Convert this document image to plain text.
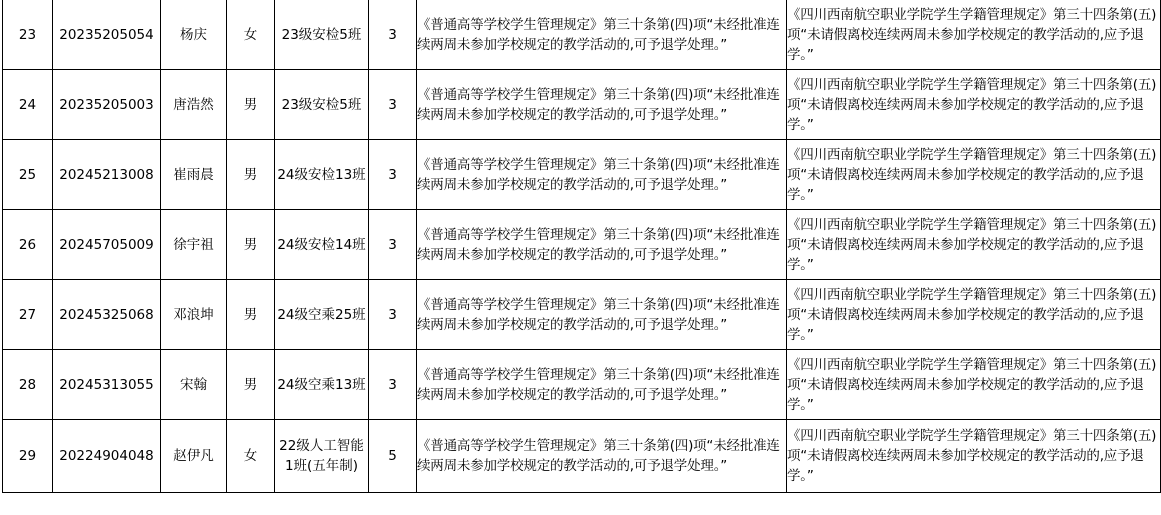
23	20235205054	杨庆	女	23级安检5班	3	《普通高等学校学生管理规定》第三十条第(四)项“未经批准连续两周未参加学校规定的教学活动的,可予退学处理。”	《四川西南航空职业学院学生学籍管理规定》第三十四条第(五)项“未请假离校连续两周未参加学校规定的教学活动的,应予退学。”
24	20235205003	唐浩然	男	23级安检5班	3	《普通高等学校学生管理规定》第三十条第(四)项“未经批准连续两周未参加学校规定的教学活动的,可予退学处理。”	《四川西南航空职业学院学生学籍管理规定》第三十四条第(五)项“未请假离校连续两周未参加学校规定的教学活动的,应予退学。”
25	20245213008	崔雨晨	男	24级安检13班	3	《普通高等学校学生管理规定》第三十条第(四)项“未经批准连续两周未参加学校规定的教学活动的,可予退学处理。”	《四川西南航空职业学院学生学籍管理规定》第三十四条第(五)项“未请假离校连续两周未参加学校规定的教学活动的,应予退学。”
26	20245705009	徐宇祖	男	24级安检14班	3	《普通高等学校学生管理规定》第三十条第(四)项“未经批准连续两周未参加学校规定的教学活动的,可予退学处理。”	《四川西南航空职业学院学生学籍管理规定》第三十四条第(五)项“未请假离校连续两周未参加学校规定的教学活动的,应予退学。”
27	20245325068	邓浪坤	男	24级空乘25班	3	《普通高等学校学生管理规定》第三十条第(四)项“未经批准连续两周未参加学校规定的教学活动的,可予退学处理。”	《四川西南航空职业学院学生学籍管理规定》第三十四条第(五)项“未请假离校连续两周未参加学校规定的教学活动的,应予退学。”
28	20245313055	宋翰	男	24级空乘13班	3	《普通高等学校学生管理规定》第三十条第(四)项“未经批准连续两周未参加学校规定的教学活动的,可予退学处理。”	《四川西南航空职业学院学生学籍管理规定》第三十四条第(五)项“未请假离校连续两周未参加学校规定的教学活动的,应予退学。”
29	20224904048	赵伊凡	女	22级人工智能1班(五年制)	5	《普通高等学校学生管理规定》第三十条第(四)项“未经批准连续两周未参加学校规定的教学活动的,可予退学处理。”	《四川西南航空职业学院学生学籍管理规定》第三十四条第(五)项“未请假离校连续两周未参加学校规定的教学活动的,应予退学。”
